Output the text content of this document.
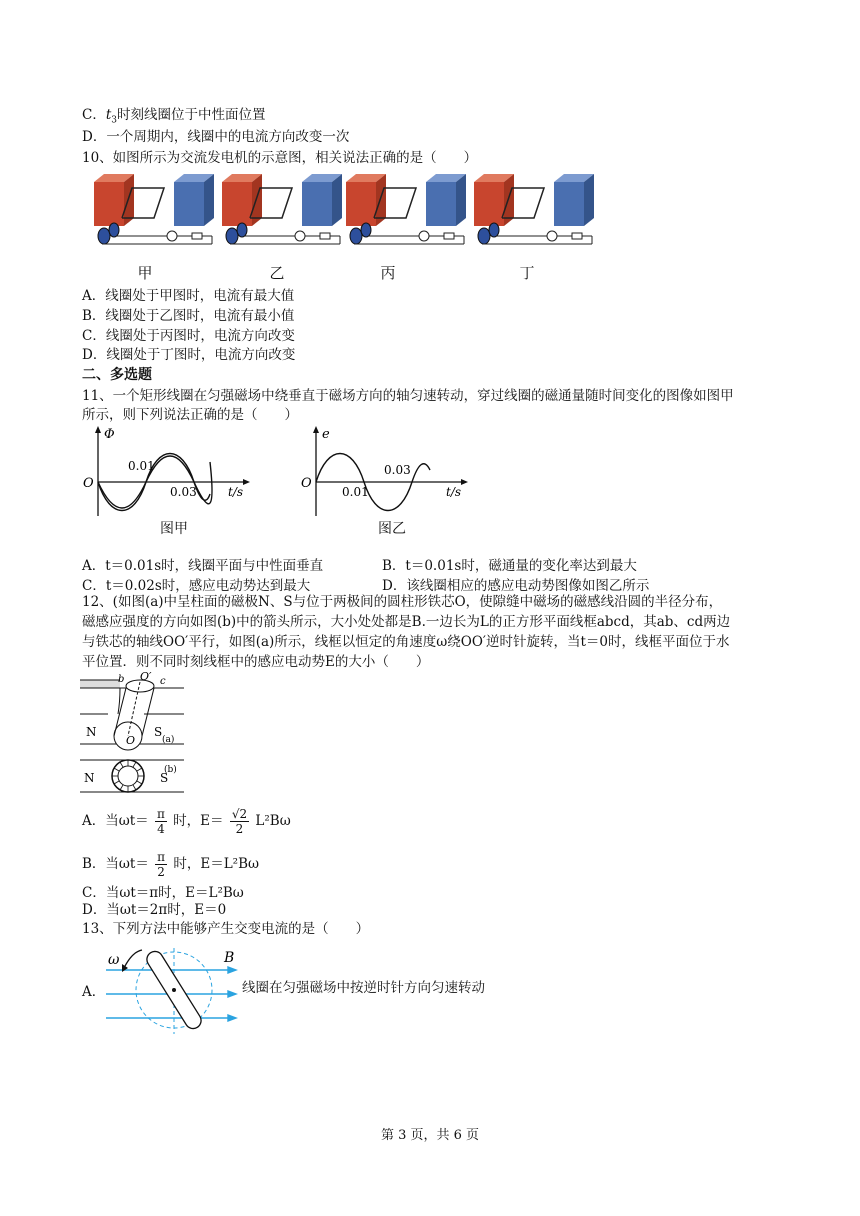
C．$t_3$时刻线圈位于中性面位置
D．一个周期内，线圈中的电流方向改变一次
10、如图所示为交流发电机的示意图，相关说法正确的是（　　）
甲	乙	丙	丁
A．线圈处于甲图时，电流有最大值
B．线圈处于乙图时，电流有最小值
C．线圈处于丙图时，电流方向改变
D．线圈处于丁图时，电流方向改变
二、多选题
11、一个矩形线圈在匀强磁场中绕垂直于磁场方向的轴匀速转动，穿过线圈的磁通量随时间变化的图像如图甲
所示，则下列说法正确的是（　　）
Φ
O
0.01
0.03	t/s
图甲
e
O
0.01
0.03
t/s
图乙
A．t＝0.01s时，线圈平面与中性面垂直	B．t＝0.01s时，磁通量的变化率达到最大
C．t＝0.02s时，感应电动势达到最大	D．该线圈相应的感应电动势图像如图乙所示
12、(如图(a)中呈柱面的磁极N、S与位于两极间的圆柱形铁芯O，使隙缝中磁场的磁感线沿圆的半径分布，
磁感应强度的方向如图(b)中的箭头所示，大小处处都是B.一边长为L的正方形平面线框abcd，其ab、cd两边
与铁芯的轴线OO′平行，如图(a)所示，线框以恒定的角速度ω绕OO′逆时针旋转，当t＝0时，线框平面位于水
平位置．则不同时刻线框中的感应电动势E的大小（　　）
b O′ c
N
O
S
(a)
N	S
(b)
A．当$\omega t= \frac{\pi}{4}$ 时，$E= \frac{√2}{2} L^2B\omega$
B．当$\omega t= \frac{\pi}{2}$ 时，E＝L²Bω
C．当ωt＝π时，E＝L²Bω
D．当ωt＝2π时，E＝0
13、下列方法中能够产生交变电流的是（　　）
A．
ω	B
线圈在匀强磁场中按逆时针方向匀速转动
第 3 页，共 6 页
